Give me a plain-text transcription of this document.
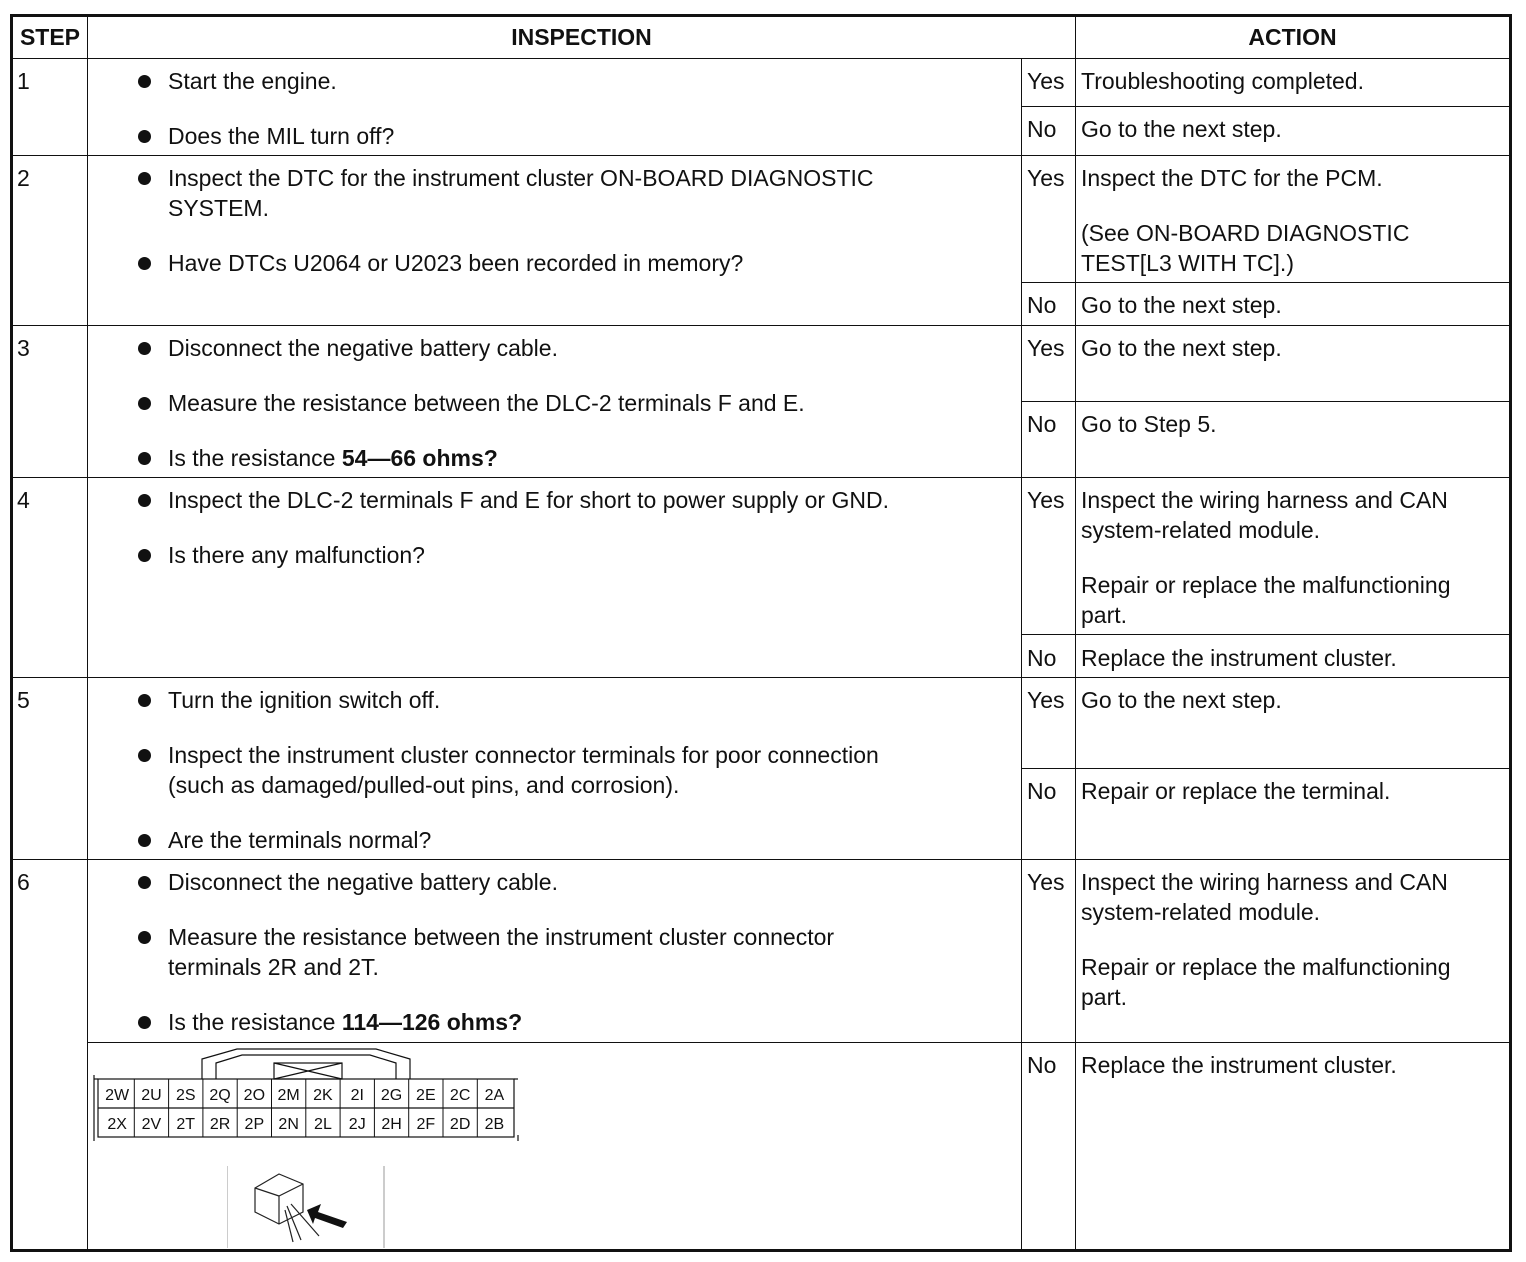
STEP	INSPECTION	ACTION
1	Start the engine.
Does the MIL turn off?
Yes Troubleshooting completed.
No Go to the next step.
2	Inspect the DTC for the instrument cluster ON-BOARD DIAGNOSTIC
SYSTEM.
Have DTCs U2064 or U2023 been recorded in memory?
Yes Inspect the DTC for the PCM.
(See ON-BOARD DIAGNOSTIC
TEST[L3 WITH TC].)
No Go to the next step.
3	Disconnect the negative battery cable.
Measure the resistance between the DLC-2 terminals F and E.
Is the resistance 54—66 ohms?
Yes Go to the next step.
No Go to Step 5.
4	Inspect the DLC-2 terminals F and E for short to power supply or GND.
Is there any malfunction?
Yes Inspect the wiring harness and CAN
system-related module.
Repair or replace the malfunctioning
part.
No Replace the instrument cluster.
5	Turn the ignition switch off.
Inspect the instrument cluster connector terminals for poor connection
(such as damaged/pulled-out pins, and corrosion).
Are the terminals normal?
Yes Go to the next step.
No Repair or replace the terminal.
6	Disconnect the negative battery cable.
Measure the resistance between the instrument cluster connector
terminals 2R and 2T.
Is the resistance 114—126 ohms?
Yes Inspect the wiring harness and CAN
system-related module.
Repair or replace the malfunctioning
part.
No Replace the instrument cluster.
2W 2U 2S 2Q 2O 2M 2K 2I 2G 2E 2C 2A
2X 2V 2T 2R 2P 2N 2L 2J 2H 2F 2D 2B
